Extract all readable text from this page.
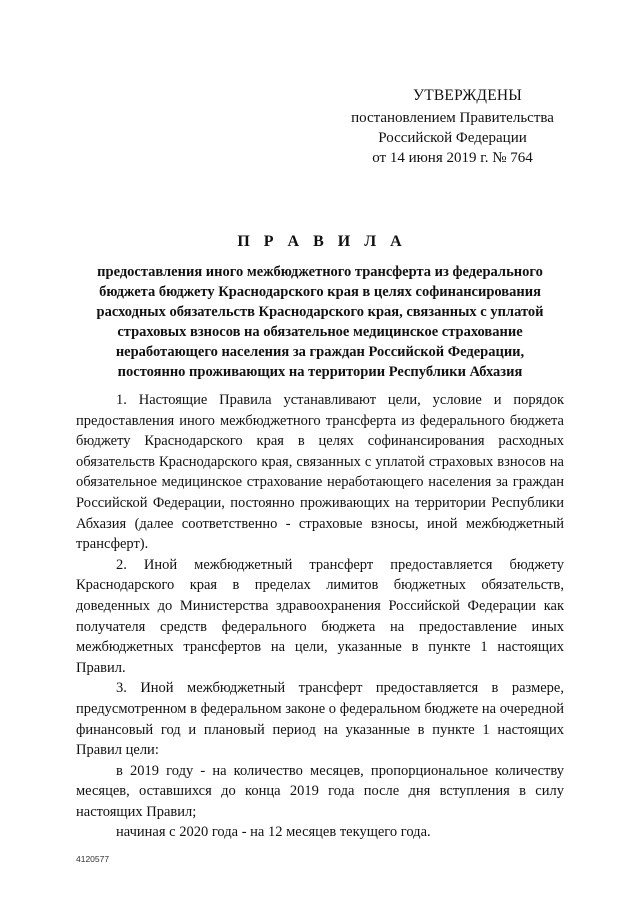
УТВЕРЖДЕНЫ
постановлением Правительства
Российской Федерации
от 14 июня 2019 г. № 764
П Р А В И Л А
предоставления иного межбюджетного трансферта из федерального
бюджета бюджету Краснодарского края в целях софинансирования
расходных обязательств Краснодарского края, связанных с уплатой
страховых взносов на обязательное медицинское страхование
неработающего населения за граждан Российской Федерации,
постоянно проживающих на территории Республики Абхазия

1. Настоящие Правила устанавливают цели, условие и порядок предоставления иного межбюджетного трансферта из федерального бюджета бюджету Краснодарского края в целях софинансирования расходных обязательств Краснодарского края, связанных с уплатой страховых взносов на обязательное медицинское страхование неработающего населения за граждан Российской Федерации, постоянно проживающих на территории Республики Абхазия (далее соответственно - страховые взносы, иной межбюджетный трансферт).

2. Иной межбюджетный трансферт предоставляется бюджету Краснодарского края в пределах лимитов бюджетных обязательств, доведенных до Министерства здравоохранения Российской Федерации как получателя средств федерального бюджета на предоставление иных межбюджетных трансфертов на цели, указанные в пункте 1 настоящих Правил.

3. Иной межбюджетный трансферт предоставляется в размере, предусмотренном в федеральном законе о федеральном бюджете на очередной финансовый год и плановый период на указанные в пункте 1 настоящих Правил цели:

в 2019 году - на количество месяцев, пропорциональное количеству месяцев, оставшихся до конца 2019 года после дня вступления в силу настоящих Правил;

начиная с 2020 года - на 12 месяцев текущего года.

4120577
